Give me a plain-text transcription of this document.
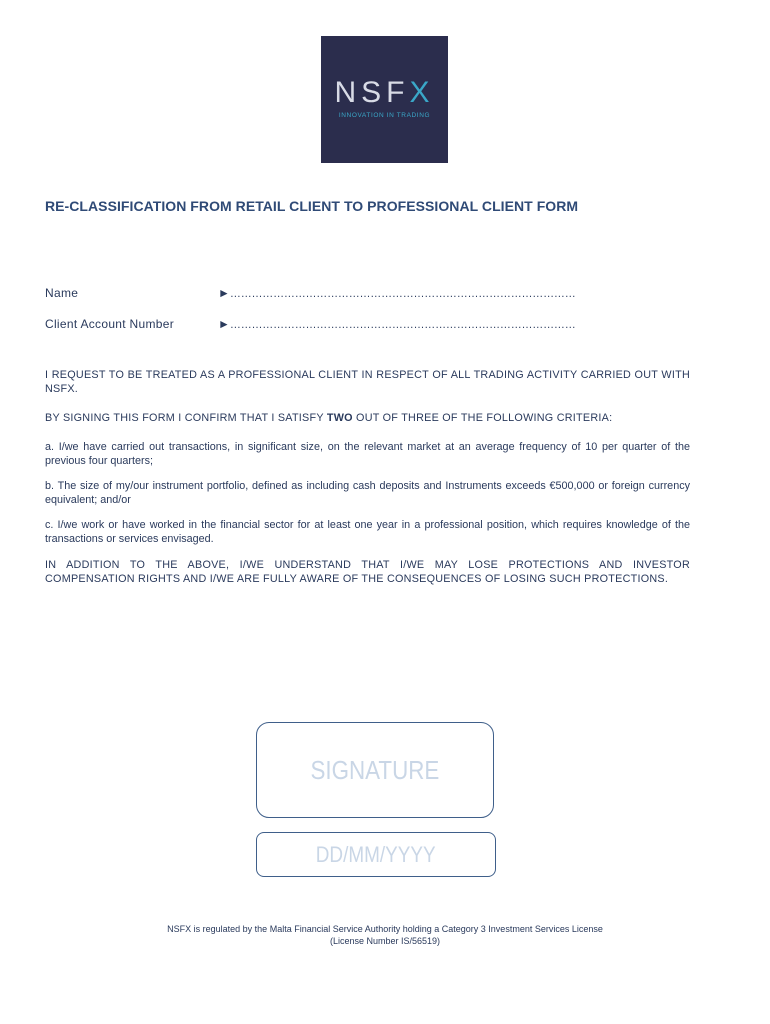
NSFX
INNOVATION IN TRADING
RE-CLASSIFICATION FROM RETAIL CLIENT TO PROFESSIONAL CLIENT FORM
Name	►……………………………………………………………………………………
Client Account Number	►……………………………………………………………………………………

I REQUEST TO BE TREATED AS A PROFESSIONAL CLIENT IN RESPECT OF ALL TRADING ACTIVITY CARRIED OUT WITH NSFX.

BY SIGNING THIS FORM I CONFIRM THAT I SATISFY TWO OUT OF THREE OF THE FOLLOWING CRITERIA:

a. I/we have carried out transactions, in significant size, on the relevant market at an average frequency of 10 per quarter of the previous four quarters;

b. The size of my/our instrument portfolio, defined as including cash deposits and Instruments exceeds €500,000 or foreign currency equivalent; and/or

c. I/we work or have worked in the financial sector for at least one year in a professional position, which requires knowledge of the transactions or services envisaged.

IN ADDITION TO THE ABOVE, I/WE UNDERSTAND THAT I/WE MAY LOSE PROTECTIONS AND INVESTOR COMPENSATION RIGHTS AND I/WE ARE FULLY AWARE OF THE CONSEQUENCES OF LOSING SUCH PROTECTIONS.

SIGNATURE
DD/MM/YYYY
NSFX is regulated by the Malta Financial Service Authority holding a Category 3 Investment Services License
(License Number IS/56519)
